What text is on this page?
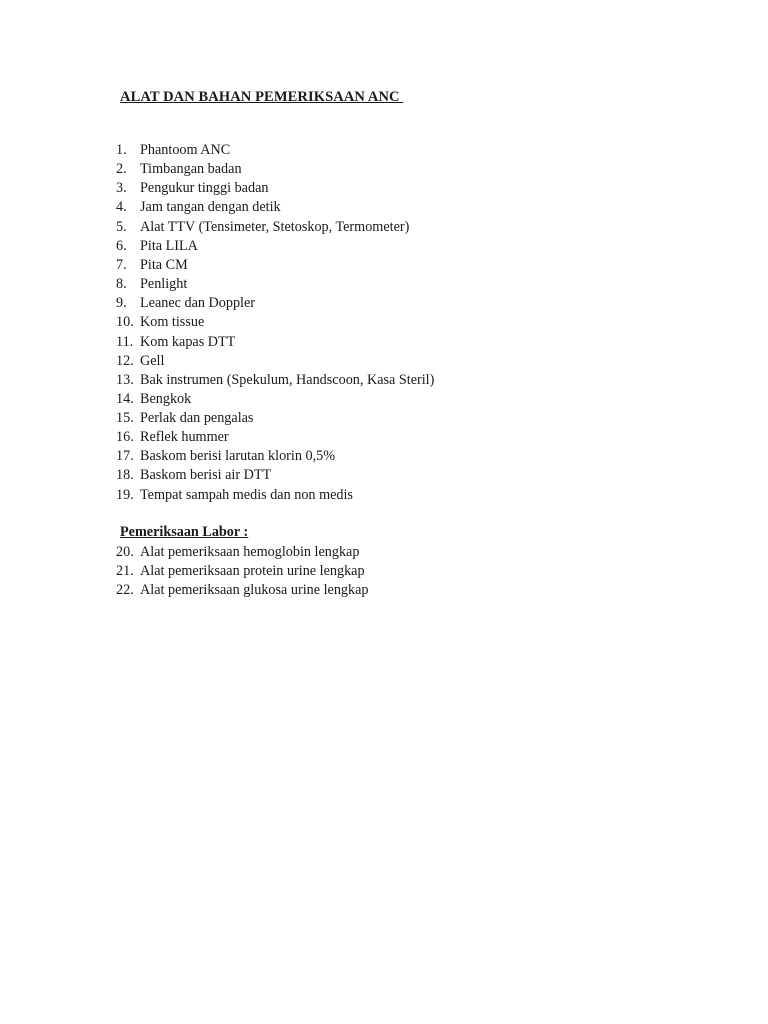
ALAT DAN BAHAN PEMERIKSAAN ANC
1. Phantoom ANC
2. Timbangan badan
3. Pengukur tinggi badan
4. Jam tangan dengan detik
5. Alat TTV (Tensimeter, Stetoskop, Termometer)
6. Pita LILA
7. Pita CM
8. Penlight
9. Leanec dan Doppler
10. Kom tissue
11. Kom kapas DTT
12. Gell
13. Bak instrumen (Spekulum, Handscoon, Kasa Steril)
14. Bengkok
15. Perlak dan pengalas
16. Reflek hummer
17. Baskom berisi larutan klorin 0,5%
18. Baskom berisi air DTT
19. Tempat sampah medis dan non medis
Pemeriksaan Labor :
20. Alat pemeriksaan hemoglobin lengkap
21. Alat pemeriksaan protein urine lengkap
22. Alat pemeriksaan glukosa urine lengkap
